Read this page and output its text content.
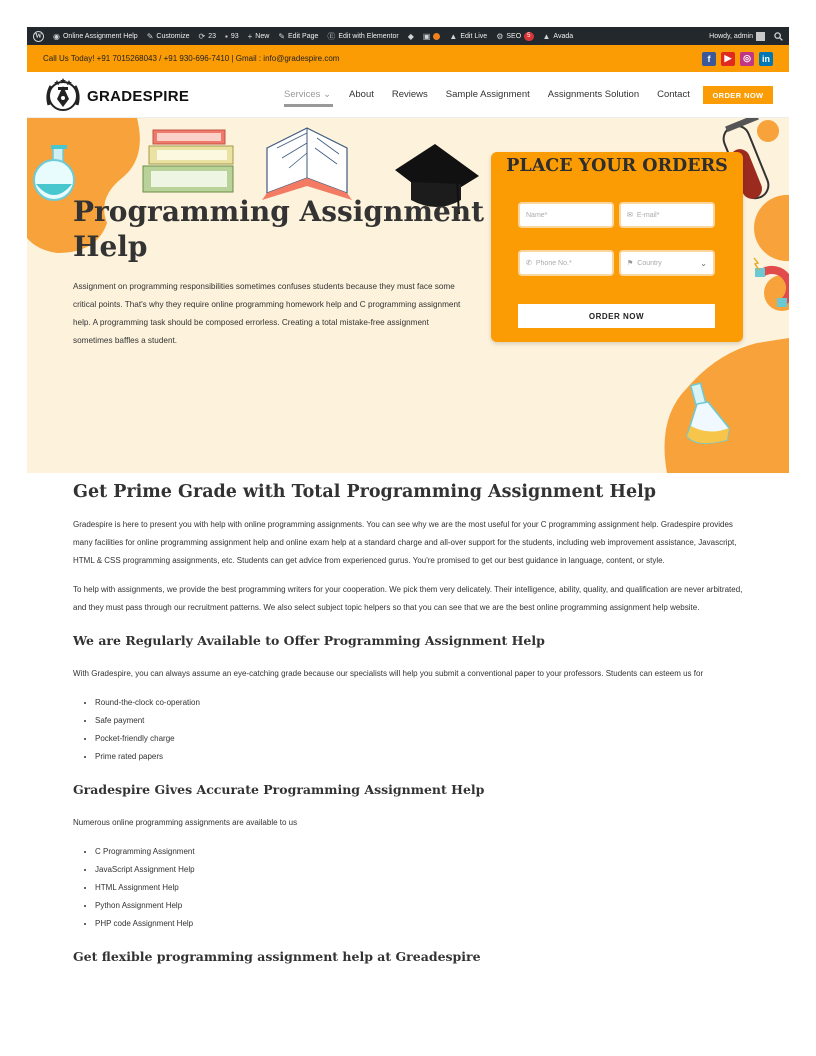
W ◉ Online Assignment Help ✎ Customize ⟳ 23 ▪ 93 + New ✎ Edit Page Ⓔ Edit with Elementor ◆ ▣ ▲ Edit Live ⚙ SEO	5	▲ Avada	Howdy, admin
Call Us Today! +91 7015268043 / +91 930-696-7410 | Gmail : info@gradespire.com	f	▶	◎	in
GRADESPIRE	Services ⌄ About Reviews Sample Assignment Assignments Solution Contact	ORDER NOW
Programming Assignment Help

Assignment on programming responsibilities sometimes confuses students because they must face some critical points. That's why they require online programming homework help and C programming assignment help. A programming task should be composed errorless. Creating a total mistake-free assignment sometimes baffles a student.

PLACE YOUR ORDERS
Name*	✉ E-mail*
✆ Phone No.*	⚑ Country	⌄
ORDER NOW
Get Prime Grade with Total Programming Assignment Help

Gradespire is here to present you with help with online programming assignments. You can see why we are the most useful for your C programming assignment help. Gradespire provides many facilities for online programming assignment help and online exam help at a standard charge and all-over support for the students, including web improvement assistance, Javascript, HTML & CSS programming assignments, etc. Students can get advice from experienced gurus. You're promised to get our best guidance in language, content, or style.

To help with assignments, we provide the best programming writers for your cooperation. We pick them very delicately. Their intelligence, ability, quality, and qualification are never arbitrated, and they must pass through our recruitment patterns. We also select subject topic helpers so that you can see that we are the best online programming assignment help website.

We are Regularly Available to Offer Programming Assignment Help

With Gradespire, you can always assume an eye-catching grade because our specialists will help you submit a conventional paper to your professors. Students can esteem us for

• Round-the-clock co-operation
• Safe payment
• Pocket-friendly charge
• Prime rated papers
Gradespire Gives Accurate Programming Assignment Help

Numerous online programming assignments are available to us

• C Programming Assignment
• JavaScript Assignment Help
• HTML Assignment Help
• Python Assignment Help
• PHP code Assignment Help
Get flexible programming assignment help at Greadespire
